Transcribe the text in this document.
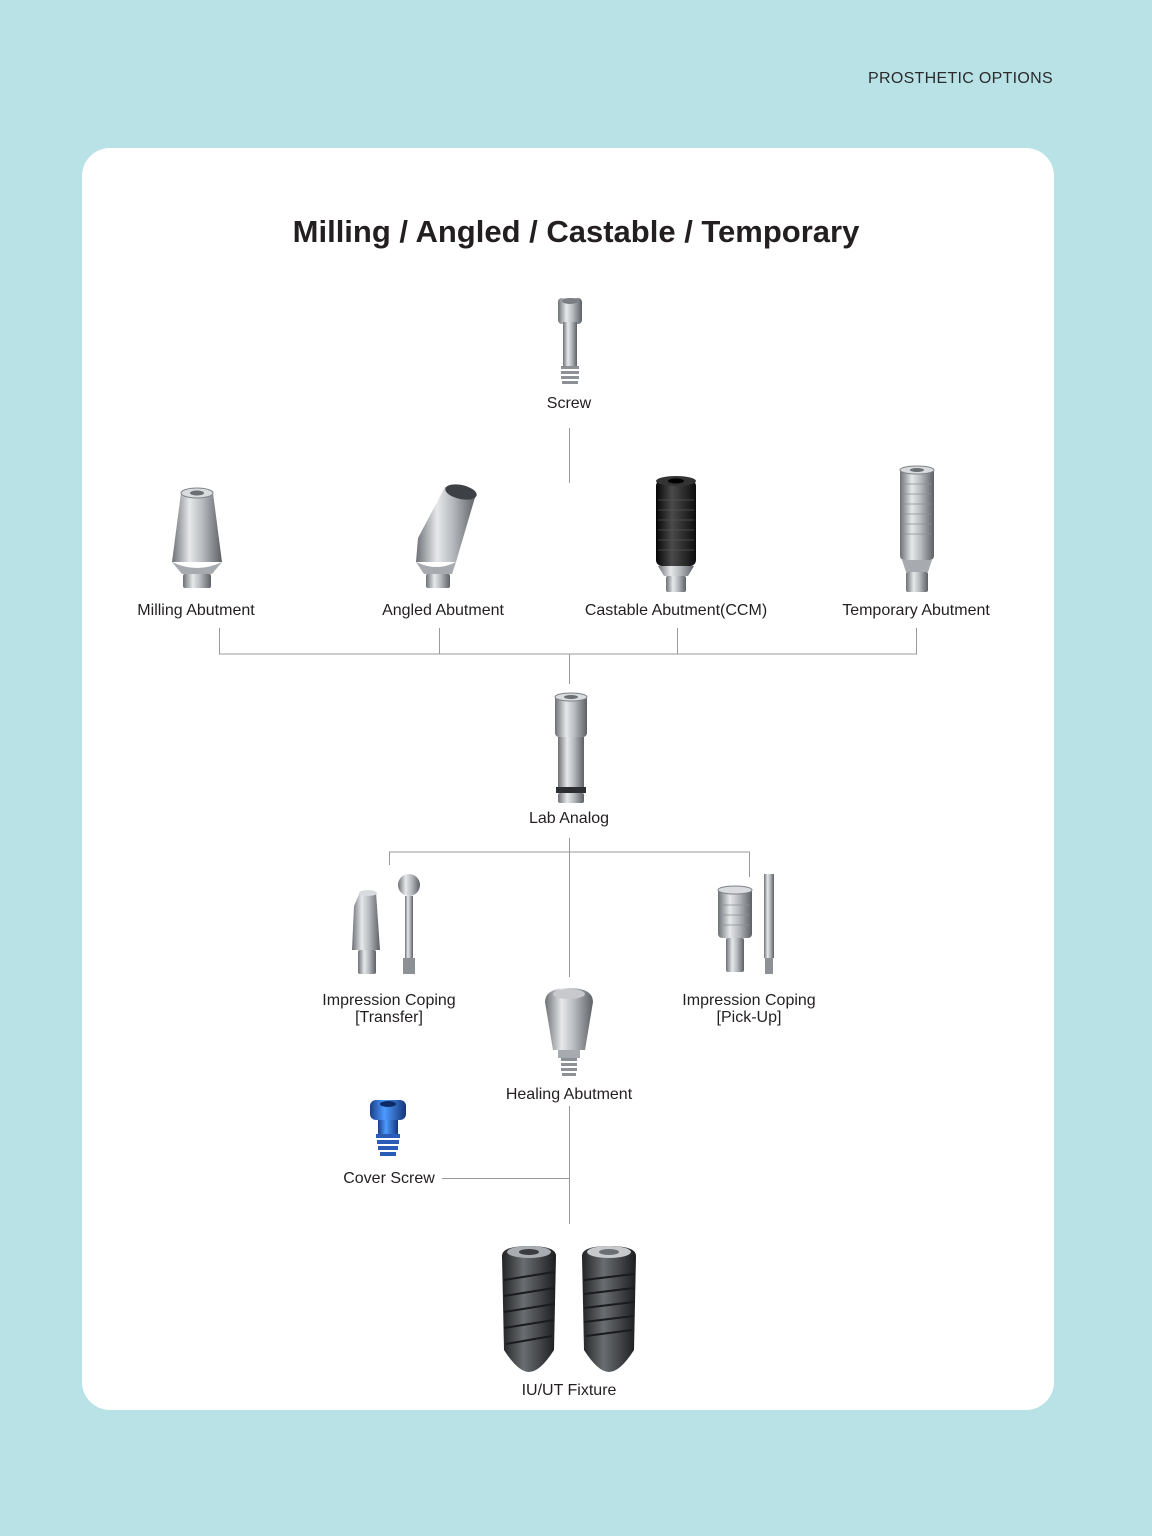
PROSTHETIC OPTIONS
Milling / Angled / Castable / Temporary
Screw
Milling Abutment	Angled Abutment	Castable Abutment(CCM)	Temporary Abutment
Lab Analog
Impression Coping
[Transfer]
Impression Coping
[Pick-Up]
Healing Abutment
Cover Screw
IU/UT Fixture
